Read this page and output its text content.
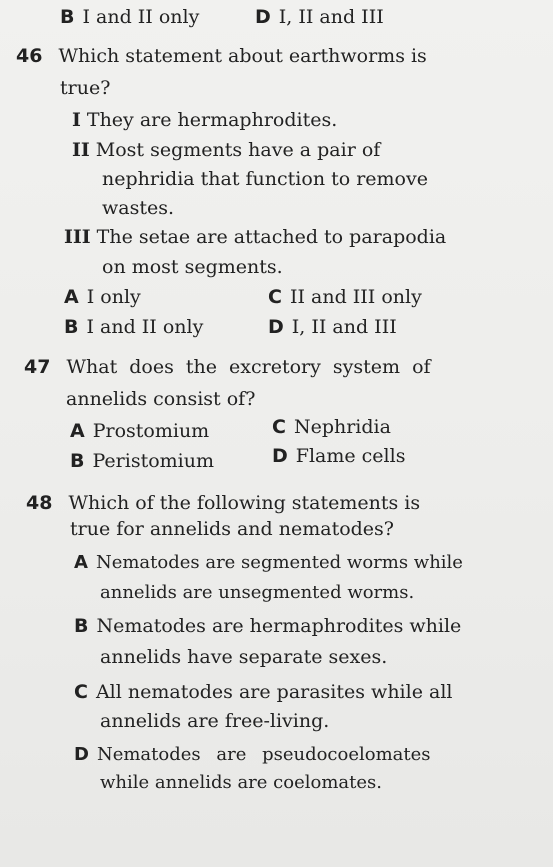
B I and II only	D I, II and III
46 Which statement about earthworms is
true?
I They are hermaphrodites.
II Most segments have a pair of
nephridia that function to remove
wastes.
III The setae are attached to parapodia
on most segments.
A I only	C II and III only
B I and II only	D I, II and III
47 What does the excretory system of
annelids consist of?
A Prostomium	C Nephridia
B Peristomium	D Flame cells
48 Which of the following statements is
true for annelids and nematodes?
A Nematodes are segmented worms while
annelids are unsegmented worms.
B Nematodes are hermaphrodites while
annelids have separate sexes.
C All nematodes are parasites while all
annelids are free-living.
D Nematodes are pseudocoelomates
while annelids are coelomates.
